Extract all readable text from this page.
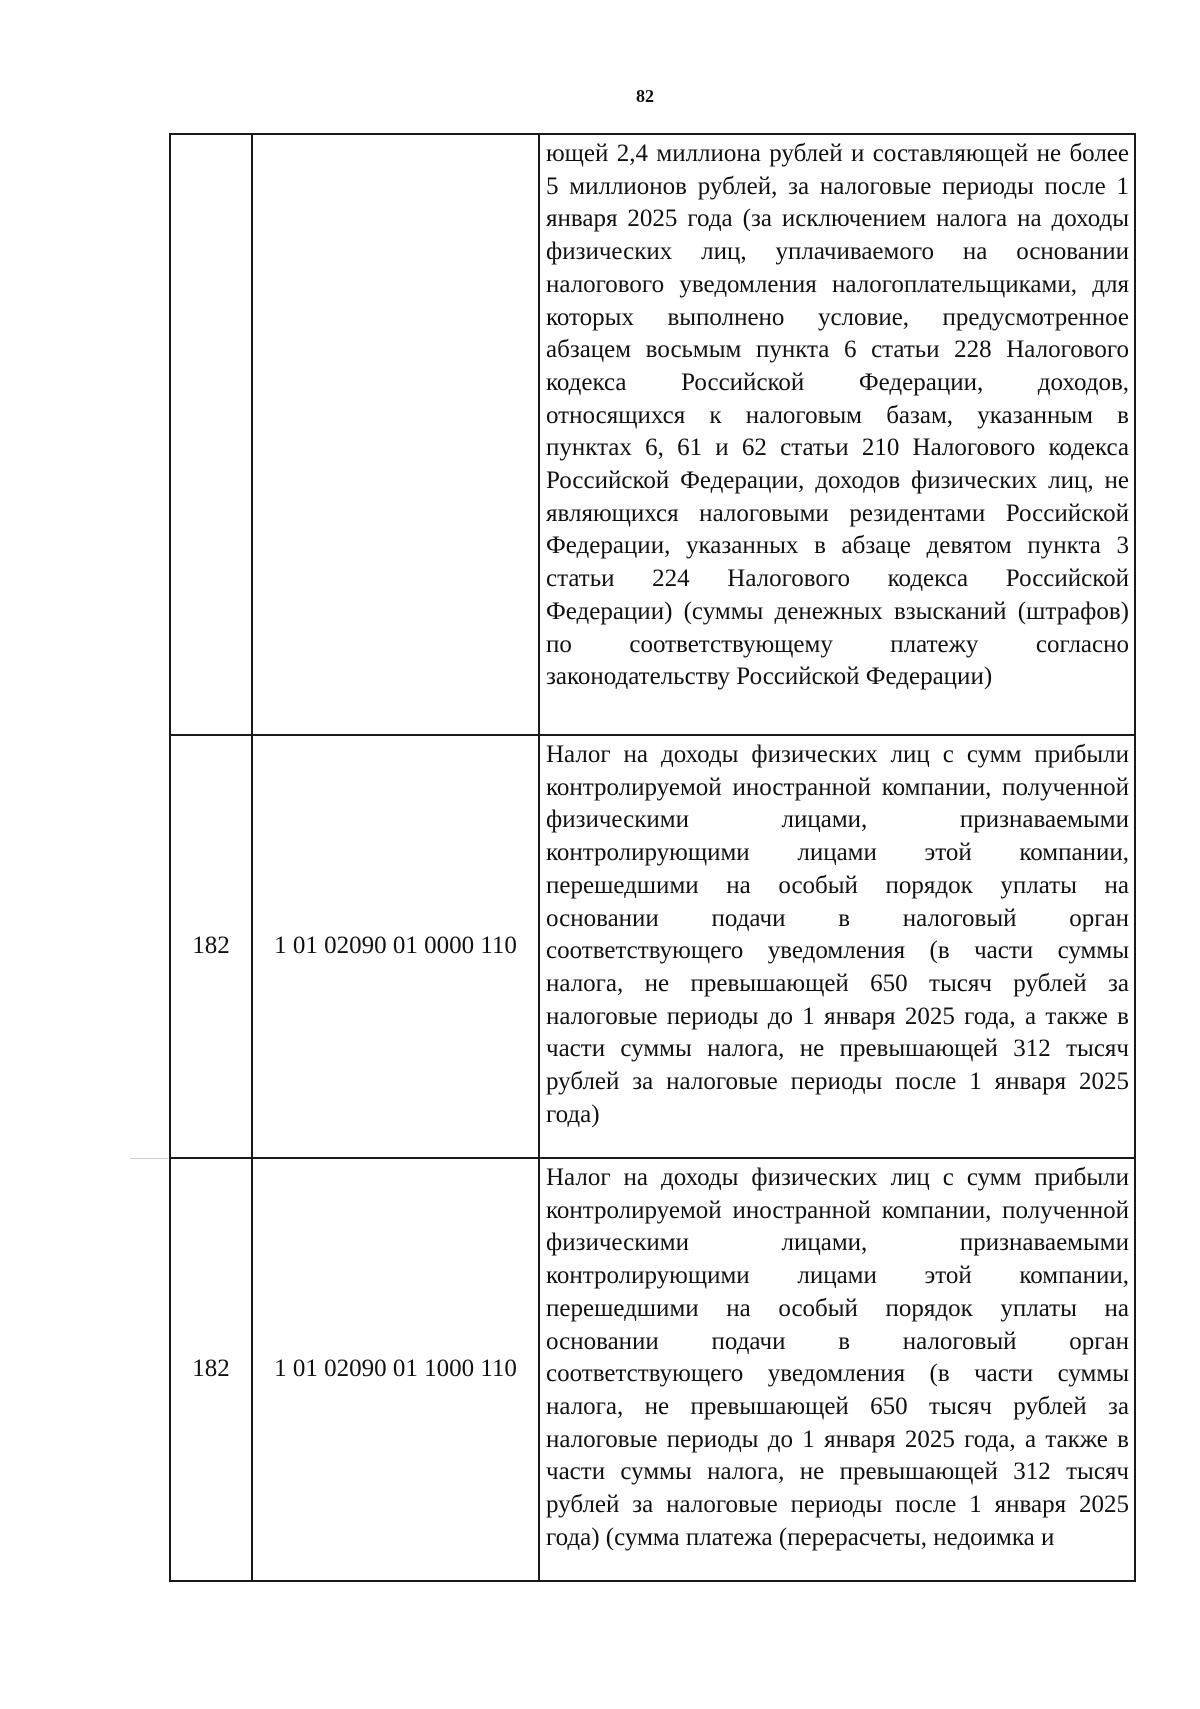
82
		ющей 2,4 миллиона рублей и составляющей не более 5 миллионов рублей, за налоговые периоды после 1 января 2025 года (за исключением налога на доходы физических лиц, уплачиваемого на основании налогового уведомления налогоплательщиками, для которых выполнено условие, предусмотренное абзацем восьмым пункта 6 статьи 228 Налогового кодекса Российской Федерации, доходов, относящихся к налоговым базам, указанным в пунктах 6, 61 и 62 статьи 210 Налогового кодекса Российской Федерации, доходов физических лиц, не являющихся налоговыми резидентами Российской Федерации, указанных в абзаце девятом пункта 3 статьи 224 Налогового кодекса Российской Федерации) (суммы денежных взысканий (штрафов) по соответствующему платежу согласно законодательству Российской Федерации)
182	1 01 02090 01 0000 110	Налог на доходы физических лиц с сумм прибыли контролируемой иностранной компании, полученной физическими лицами, признаваемыми контролирующими лицами этой компании, перешедшими на особый порядок уплаты на основании подачи в налоговый орган соответствующего уведомления (в части суммы налога, не превышающей 650 тысяч рублей за налоговые периоды до 1 января 2025 года, а также в части суммы налога, не превышающей 312 тысяч рублей за налоговые периоды после 1 января 2025 года)
182	1 01 02090 01 1000 110	Налог на доходы физических лиц с сумм прибыли контролируемой иностранной компании, полученной физическими лицами, признаваемыми контролирующими лицами этой компании, перешедшими на особый порядок уплаты на основании подачи в налоговый орган соответствующего уведомления (в части суммы налога, не превышающей 650 тысяч рублей за налоговые периоды до 1 января 2025 года, а также в части суммы налога, не превышающей 312 тысяч рублей за налоговые периоды после 1 января 2025 года) (сумма платежа (перерасчеты, недоимка и
